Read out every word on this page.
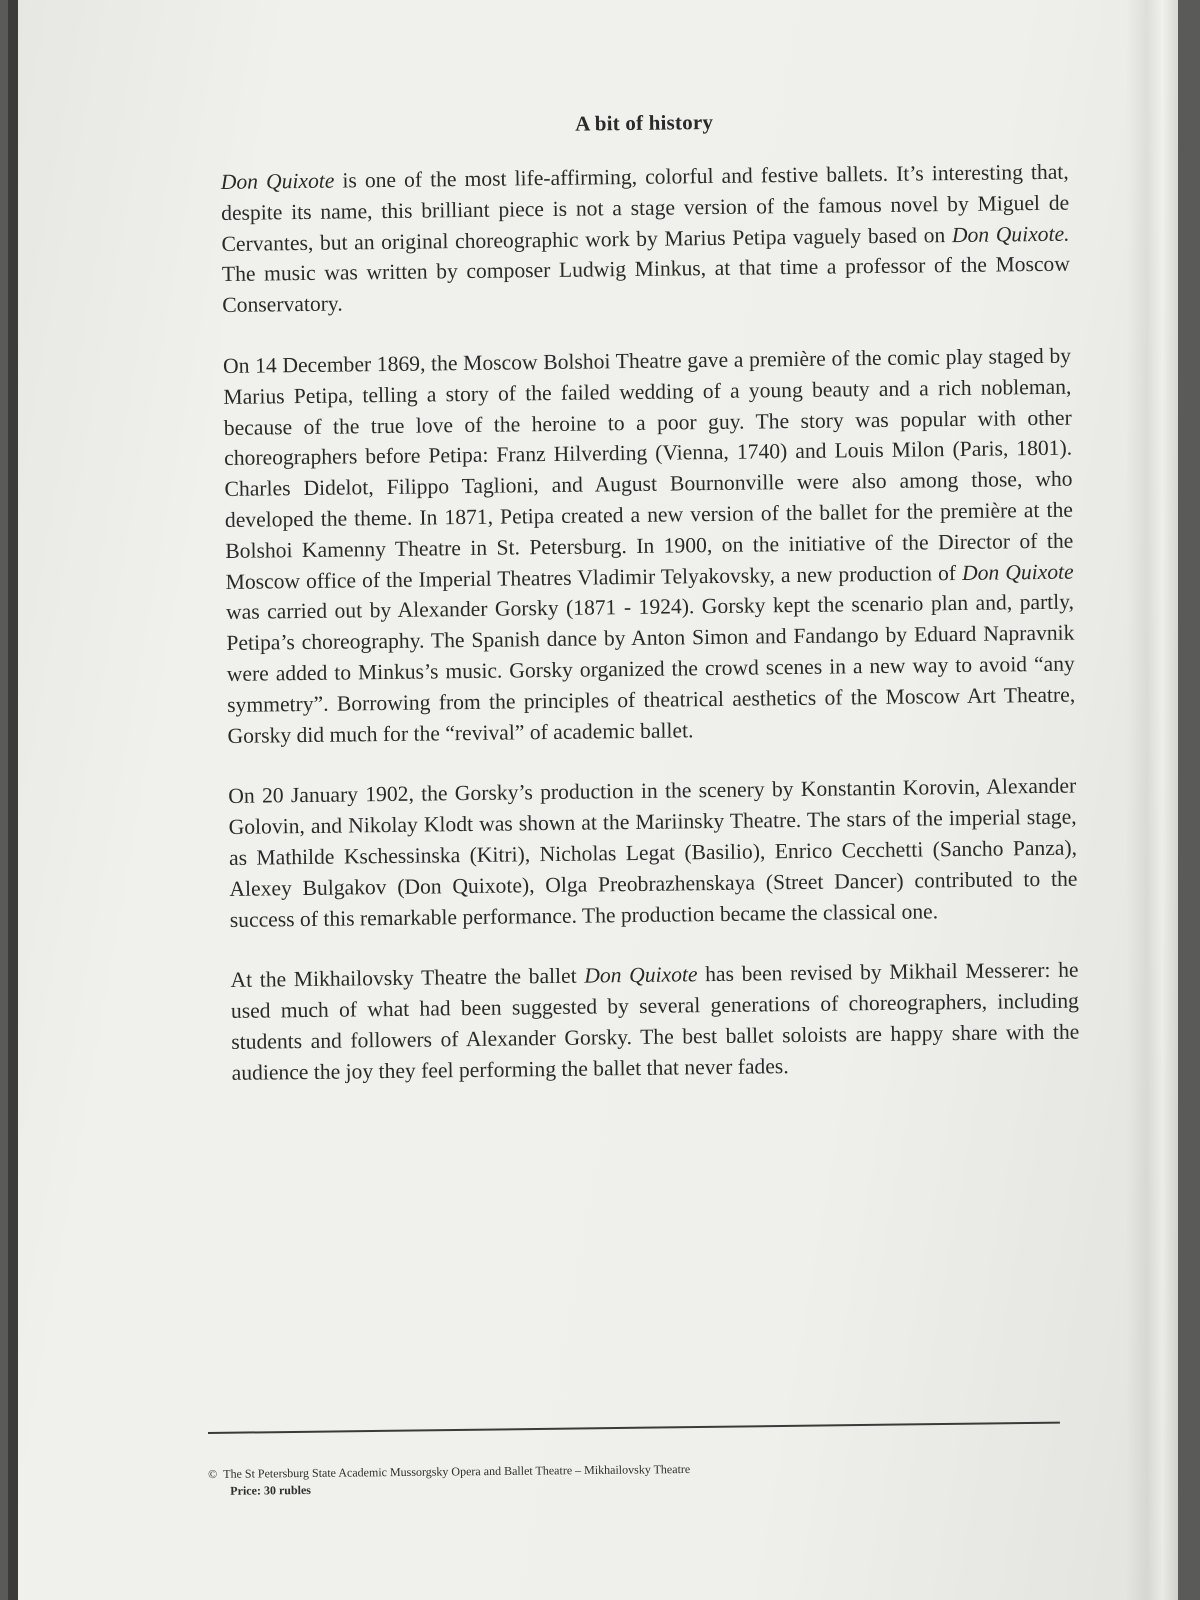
A bit of history

Don Quixote is one of the most life-affirming, colorful and festive ballets. It’s interesting that, despite its name, this brilliant piece is not a stage version of the famous novel by Miguel de Cervantes, but an original choreographic work by Marius Petipa vaguely based on Don Quixote. The music was written by composer Ludwig Minkus, at that time a professor of the Moscow Conservatory.

On 14 December 1869, the Moscow Bolshoi Theatre gave a première of the comic play staged by Marius Petipa, telling a story of the failed wedding of a young beauty and a rich nobleman, because of the true love of the heroine to a poor guy. The story was popular with other choreographers before Petipa: Franz Hilverding (Vienna, 1740) and Louis Milon (Paris, 1801). Charles Didelot, Filippo Taglioni, and August Bournonville were also among those, who developed the theme. In 1871, Petipa created a new version of the ballet for the première at the Bolshoi Kamenny Theatre in St. Petersburg. In 1900, on the initiative of the Director of the Moscow office of the Imperial Theatres Vladimir Telyakovsky, a new production of Don Quixote was carried out by Alexander Gorsky (1871 - 1924). Gorsky kept the scenario plan and, partly, Petipa’s choreography. The Spanish dance by Anton Simon and Fandango by Eduard Napravnik were added to Minkus’s music. Gorsky organized the crowd scenes in a new way to avoid “any symmetry”. Borrowing from the principles of theatrical aesthetics of the Moscow Art Theatre, Gorsky did much for the “revival” of academic ballet.

On 20 January 1902, the Gorsky’s production in the scenery by Konstantin Korovin, Alexander Golovin, and Nikolay Klodt was shown at the Mariinsky Theatre. The stars of the imperial stage, as Mathilde Kschessinska (Kitri), Nicholas Legat (Basilio), Enrico Cecchetti (Sancho Panza), Alexey Bulgakov (Don Quixote), Olga Preobrazhenskaya (Street Dancer) contributed to the success of this remarkable performance. The production became the classical one.

At the Mikhailovsky Theatre the ballet Don Quixote has been revised by Mikhail Messerer: he used much of what had been suggested by several generations of choreographers, including students and followers of Alexander Gorsky. The best ballet soloists are happy share with the audience the joy they feel performing the ballet that never fades.

© The St Petersburg State Academic Mussorgsky Opera and Ballet Theatre – Mikhailovsky Theatre
Price: 30 rubles
